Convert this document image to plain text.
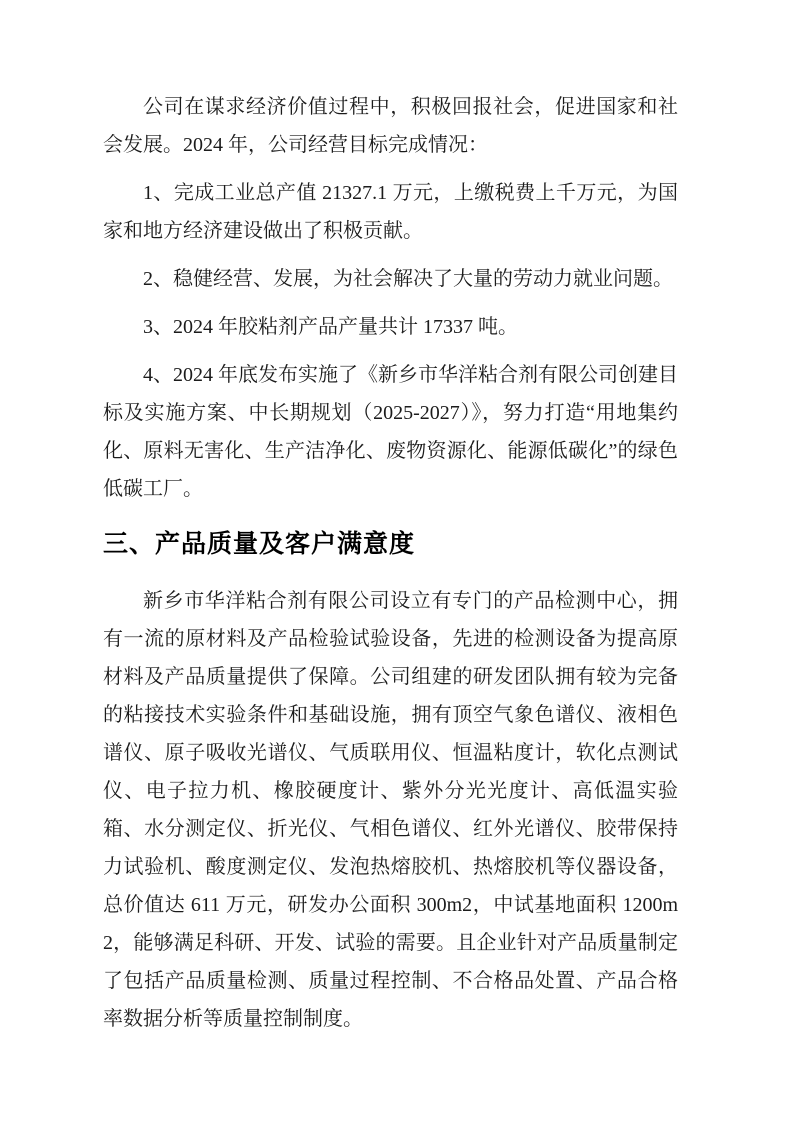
公司在谋求经济价值过程中，积极回报社会，促进国家和社会发展。2024 年，公司经营目标完成情况：

1、完成工业总产值 21327.1 万元，上缴税费上千万元，为国家和地方经济建设做出了积极贡献。

2、稳健经营、发展，为社会解决了大量的劳动力就业问题。

3、2024 年胶粘剂产品产量共计 17337 吨。

4、2024 年底发布实施了《新乡市华洋粘合剂有限公司创建目标及实施方案、中长期规划（2025-2027）》，努力打造“用地集约化、原料无害化、生产洁净化、废物资源化、能源低碳化”的绿色低碳工厂。

三、产品质量及客户满意度

新乡市华洋粘合剂有限公司设立有专门的产品检测中心，拥有一流的原材料及产品检验试验设备，先进的检测设备为提高原材料及产品质量提供了保障。公司组建的研发团队拥有较为完备的粘接技术实验条件和基础设施，拥有顶空气象色谱仪、液相色谱仪、原子吸收光谱仪、气质联用仪、恒温粘度计，软化点测试仪、电子拉力机、橡胶硬度计、紫外分光光度计、高低温实验箱、水分测定仪、折光仪、气相色谱仪、红外光谱仪、胶带保持力试验机、酸度测定仪、发泡热熔胶机、热熔胶机等仪器设备，总价值达 611 万元，研发办公面积 300m2，中试基地面积 1200m2，能够满足科研、开发、试验的需要。且企业针对产品质量制定了包括产品质量检测、质量过程控制、不合格品处置、产品合格率数据分析等质量控制制度。
